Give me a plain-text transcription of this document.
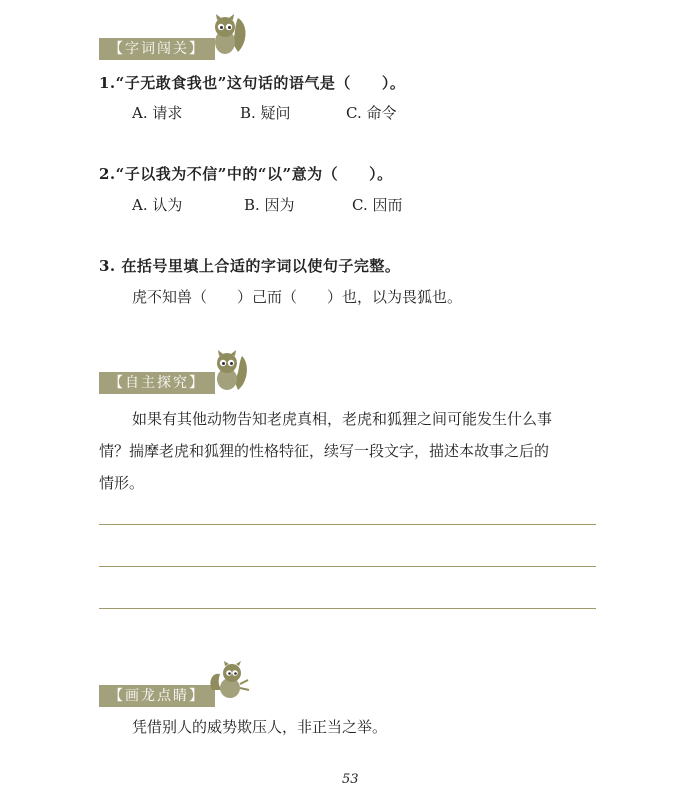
【字词闯关】
1.“子无敢食我也”这句话的语气是（　　）。
A. 请求	B. 疑问	C. 命令
2.“子以我为不信”中的“以”意为（　　）。
A. 认为	B. 因为	C. 因而
3. 在括号里填上合适的字词以使句子完整。
虎不知兽（　　）己而（　　）也，以为畏狐也。
【自主探究】
如果有其他动物告知老虎真相，老虎和狐狸之间可能发生什么事
情？揣摩老虎和狐狸的性格特征，续写一段文字，描述本故事之后的
情形。
【画龙点睛】
凭借别人的威势欺压人，非正当之举。
53
